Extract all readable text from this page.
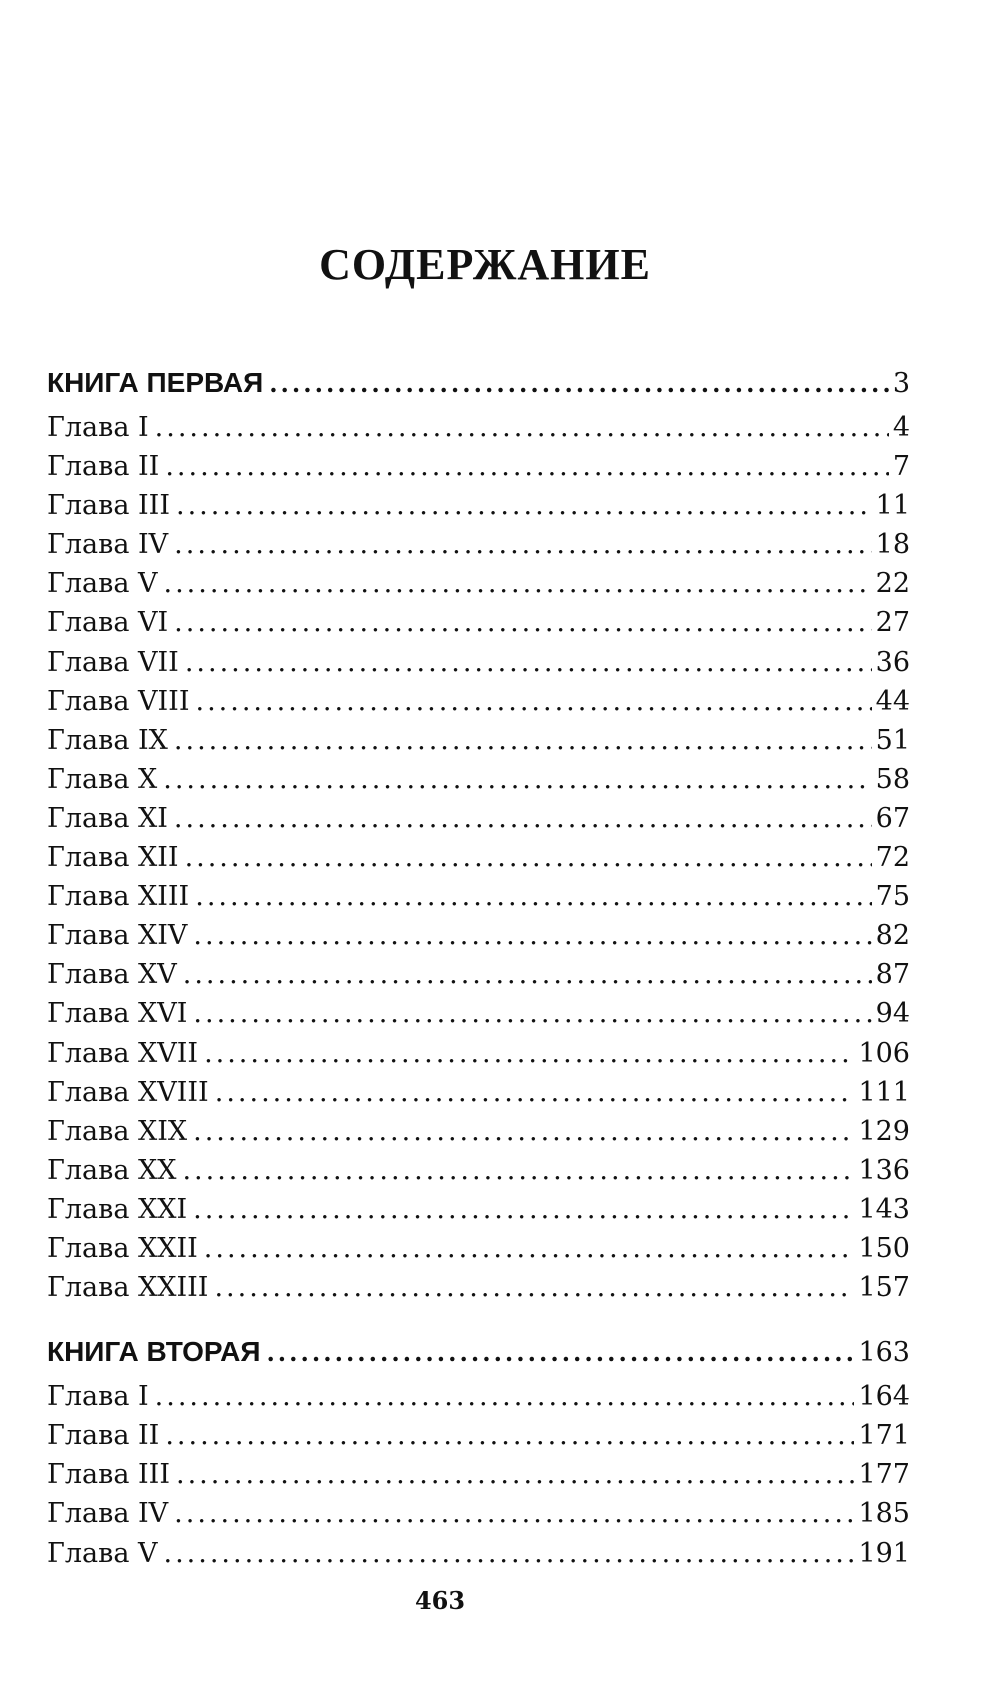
СОДЕРЖАНИЕ
КНИГА ПЕРВАЯ .....	3
Глава I .....	4
Глава II .....	7
Глава III .....	11
Глава IV .....	18
Глава V .....	22
Глава VI .....	27
Глава VII .....	36
Глава VIII .....	44
Глава IX .....	51
Глава X .....	58
Глава XI .....	67
Глава XII .....	72
Глава XIII .....	75
Глава XIV .....	82
Глава XV .....	87
Глава XVI .....	94
Глава XVII .....	106
Глава XVIII .....	111
Глава XIX .....	129
Глава XX .....	136
Глава XXI .....	143
Глава XXII .....	150
Глава XXIII .....	157
КНИГА ВТОРАЯ .....	163
Глава I .....	164
Глава II .....	171
Глава III .....	177
Глава IV .....	185
Глава V .....	191
463
